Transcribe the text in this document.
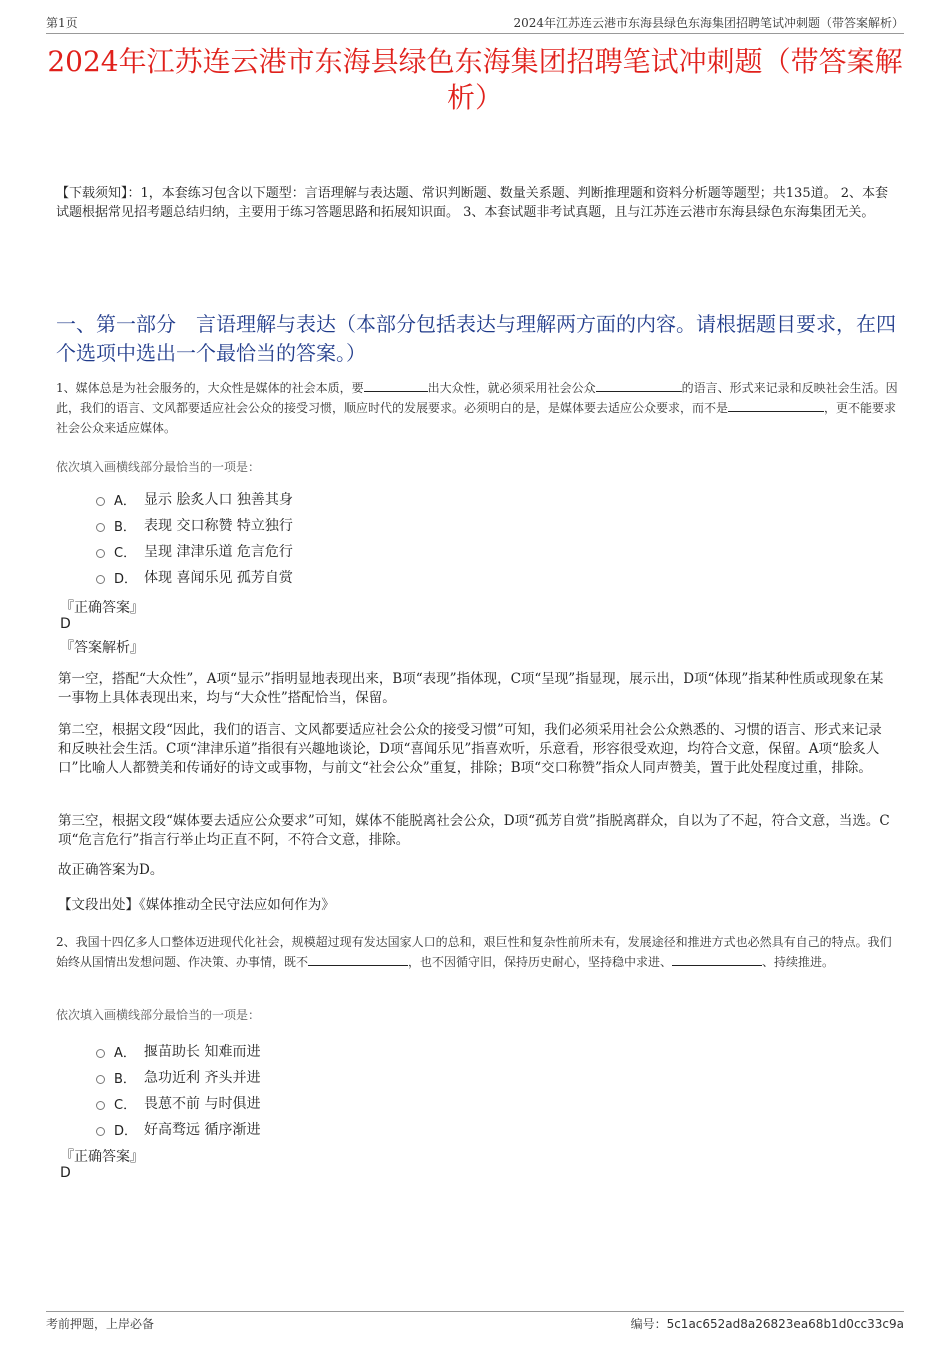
第1页	2024年江苏连云港市东海县绿色东海集团招聘笔试冲刺题（带答案解析）
2024年江苏连云港市东海县绿色东海集团招聘笔试冲刺题（带答案解析）
【下载须知】：1，本套练习包含以下题型：言语理解与表达题、常识判断题、数量关系题、判断推理题和资料分析题等题型；共135道。 2、本套试题根据常见招考题总结归纳，主要用于练习答题思路和拓展知识面。 3、本套试题非考试真题，且与江苏连云港市东海县绿色东海集团无关。
一、第一部分　言语理解与表达（本部分包括表达与理解两方面的内容。请根据题目要求，在四个选项中选出一个最恰当的答案。）
1、媒体总是为社会服务的，大众性是媒体的社会本质，要	出大众性，就必须采用社会公众	的语言、形式来记录和反映社会生活。因此，我们的语言、文风都要适应社会公众的接受习惯，顺应时代的发展要求。必须明白的是，是媒体要去适应公众要求，而不是	，更不能要求社会公众来适应媒体。
依次填入画横线部分最恰当的一项是：
A． 显示 脍炙人口 独善其身
B． 表现 交口称赞 特立独行
C． 呈现 津津乐道 危言危行
D． 体现 喜闻乐见 孤芳自赏
『正确答案』
D
『答案解析』
第一空，搭配“大众性”，A项“显示”指明显地表现出来，B项“表现”指体现，C项“呈现”指显现，展示出，D项“体现”指某种性质或现象在某一事物上具体表现出来，均与“大众性”搭配恰当，保留。
第二空，根据文段“因此，我们的语言、文风都要适应社会公众的接受习惯”可知，我们必须采用社会公众熟悉的、习惯的语言、形式来记录和反映社会生活。C项“津津乐道”指很有兴趣地谈论，D项“喜闻乐见”指喜欢听，乐意看，形容很受欢迎，均符合文意，保留。A项“脍炙人口”比喻人人都赞美和传诵好的诗文或事物，与前文“社会公众”重复，排除；B项“交口称赞”指众人同声赞美，置于此处程度过重，排除。
第三空，根据文段“媒体要去适应公众要求”可知，媒体不能脱离社会公众，D项“孤芳自赏”指脱离群众，自以为了不起，符合文意，当选。C项“危言危行”指言行举止均正直不阿，不符合文意，排除。
故正确答案为D。
【文段出处】《媒体推动全民守法应如何作为》
2、我国十四亿多人口整体迈进现代化社会，规模超过现有发达国家人口的总和，艰巨性和复杂性前所未有，发展途径和推进方式也必然具有自己的特点。我们始终从国情出发想问题、作决策、办事情，既不	，也不因循守旧，保持历史耐心，坚持稳中求进、	、持续推进。
依次填入画横线部分最恰当的一项是：
A． 揠苗助长 知难而进
B． 急功近利 齐头并进
C． 畏葸不前 与时俱进
D． 好高骛远 循序渐进
『正确答案』
D
考前押题，上岸必备	编号：5c1ac652ad8a26823ea68b1d0cc33c9a
